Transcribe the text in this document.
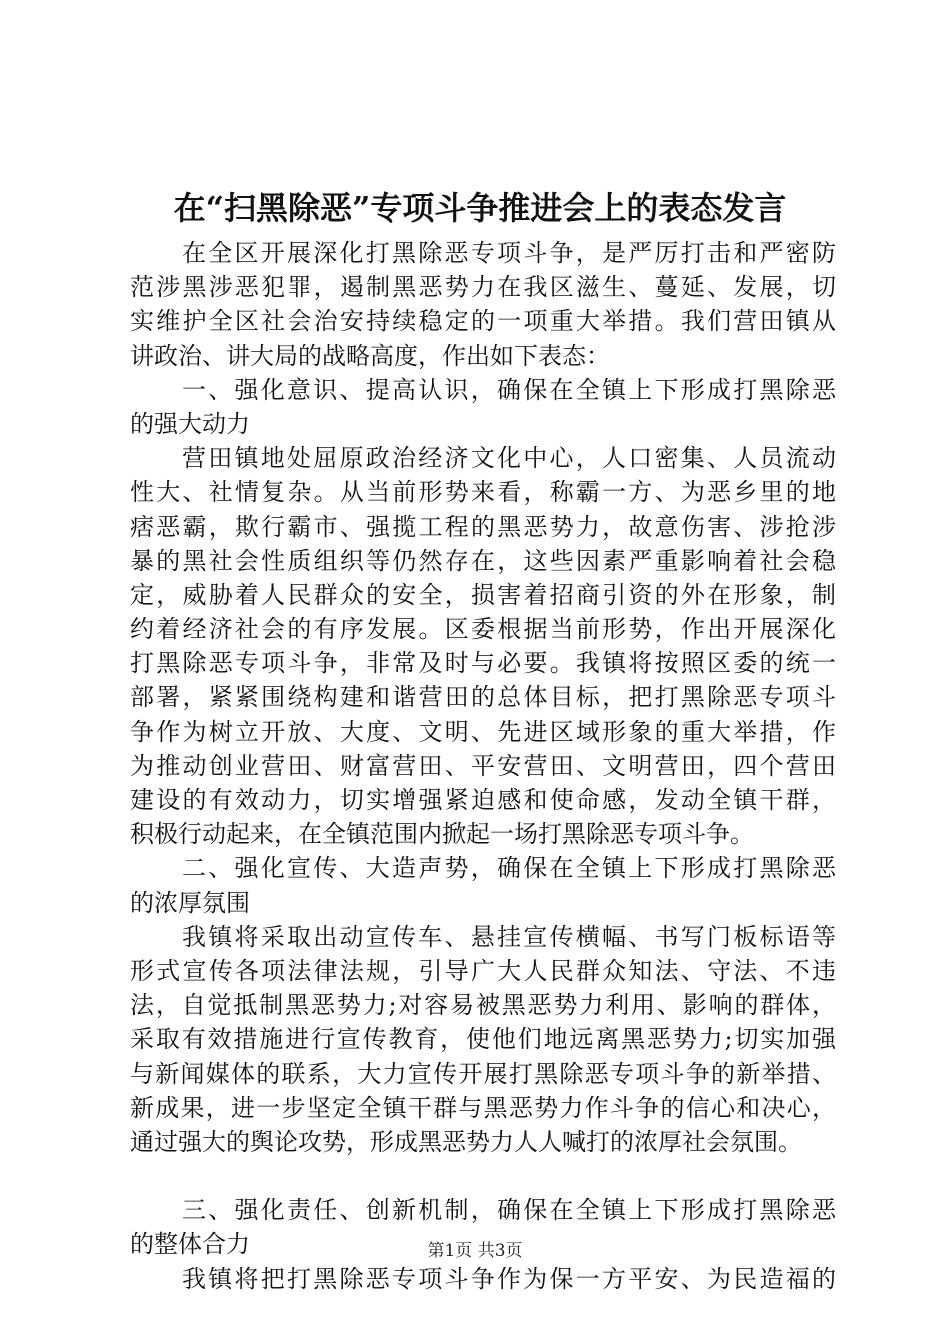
在“扫黑除恶”专项斗争推进会上的表态发言
在全区开展深化打黑除恶专项斗争，是严厉打击和严密防
范涉黑涉恶犯罪，遏制黑恶势力在我区滋生、蔓延、发展，切
实维护全区社会治安持续稳定的一项重大举措。我们营田镇从
讲政治、讲大局的战略高度，作出如下表态：
一、强化意识、提高认识，确保在全镇上下形成打黑除恶
的强大动力
营田镇地处屈原政治经济文化中心，人口密集、人员流动
性大、社情复杂。从当前形势来看，称霸一方、为恶乡里的地
痞恶霸，欺行霸市、强揽工程的黑恶势力，故意伤害、涉抢涉
暴的黑社会性质组织等仍然存在，这些因素严重影响着社会稳
定，威胁着人民群众的安全，损害着招商引资的外在形象，制
约着经济社会的有序发展。区委根据当前形势，作出开展深化
打黑除恶专项斗争，非常及时与必要。我镇将按照区委的统一
部署，紧紧围绕构建和谐营田的总体目标，把打黑除恶专项斗
争作为树立开放、大度、文明、先进区域形象的重大举措，作
为推动创业营田、财富营田、平安营田、文明营田，四个营田
建设的有效动力，切实增强紧迫感和使命感，发动全镇干群，
积极行动起来，在全镇范围内掀起一场打黑除恶专项斗争。
二、强化宣传、大造声势，确保在全镇上下形成打黑除恶
的浓厚氛围
我镇将采取出动宣传车、悬挂宣传横幅、书写门板标语等
形式宣传各项法律法规，引导广大人民群众知法、守法、不违
法，自觉抵制黑恶势力;对容易被黑恶势力利用、影响的群体，
采取有效措施进行宣传教育，使他们地远离黑恶势力;切实加强
与新闻媒体的联系，大力宣传开展打黑除恶专项斗争的新举措、
新成果，进一步坚定全镇干群与黑恶势力作斗争的信心和决心，
通过强大的舆论攻势，形成黑恶势力人人喊打的浓厚社会氛围。
三、强化责任、创新机制，确保在全镇上下形成打黑除恶
的整体合力
我镇将把打黑除恶专项斗争作为保一方平安、为民造福的
第1页 共3页
